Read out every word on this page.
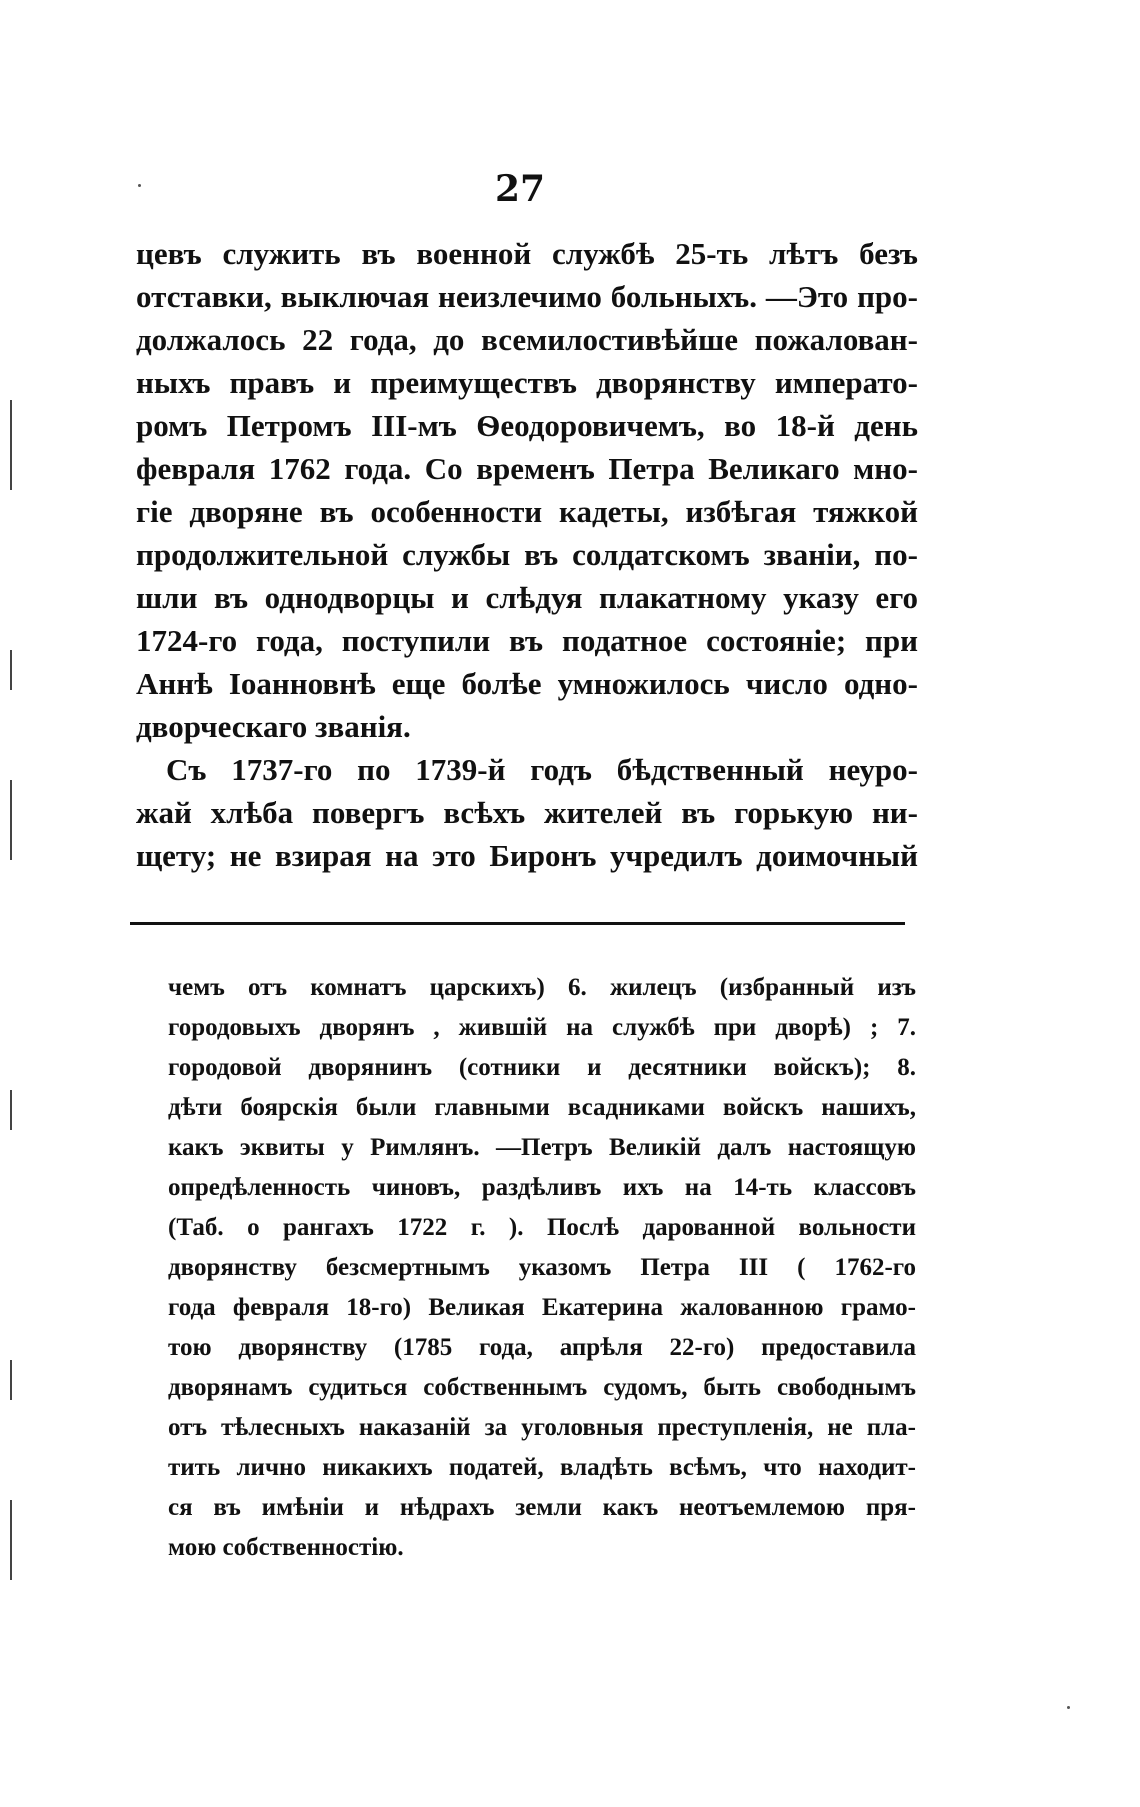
27
цевъ служить въ военной службѣ 25-ть лѣтъ безъ
отставки, выключая неизлечимо больныхъ. —Это про-
должалось 22 года, до всемилостивѣйше пожалован-
ныхъ правъ и преимуществъ дворянству императо-
ромъ Петромъ III-мъ Ѳеодоровичемъ, во 18-й день
февраля 1762 года. Со временъ Петра Великаго мно-
гіе дворяне въ особенности кадеты, избѣгая тяжкой
продолжительной службы въ солдатскомъ званіи, по-
шли въ однодворцы и слѣдуя плакатному указу его
1724-го года, поступили въ податное состояніе; при
Аннѣ Іоанновнѣ еще болѣе умножилось число одно-
дворческаго званія.
Съ 1737-го по 1739-й годъ бѣдственный неуро-
жай хлѣба повергъ всѣхъ жителей въ горькую ни-
щету; не взирая на это Биронъ учредилъ доимочный
чемъ отъ комнатъ царскихъ) 6. жилецъ (избранный изъ
городовыхъ дворянъ , жившій на службѣ при дворѣ) ; 7.
городовой дворянинъ (сотники и десятники войскъ); 8.
дѣти боярскія были главными всадниками войскъ нашихъ,
какъ эквиты у Римлянъ. —Петръ Великій далъ настоящую
опредѣленность чиновъ, раздѣливъ ихъ на 14-ть классовъ
(Таб. о рангахъ 1722 г. ). Послѣ дарованной вольности
дворянству безсмертнымъ указомъ Петра III ( 1762-го
года февраля 18-го) Великая Екатерина жалованною грамо-
тою дворянству (1785 года, апрѣля 22-го) предоставила
дворянамъ судиться собственнымъ судомъ, быть свободнымъ
отъ тѣлесныхъ наказаній за уголовныя преступленія, не пла-
тить лично никакихъ податей, владѣть всѣмъ, что находит-
ся въ имѣніи и нѣдрахъ земли какъ неотъемлемою пря-
мою собственностію.
